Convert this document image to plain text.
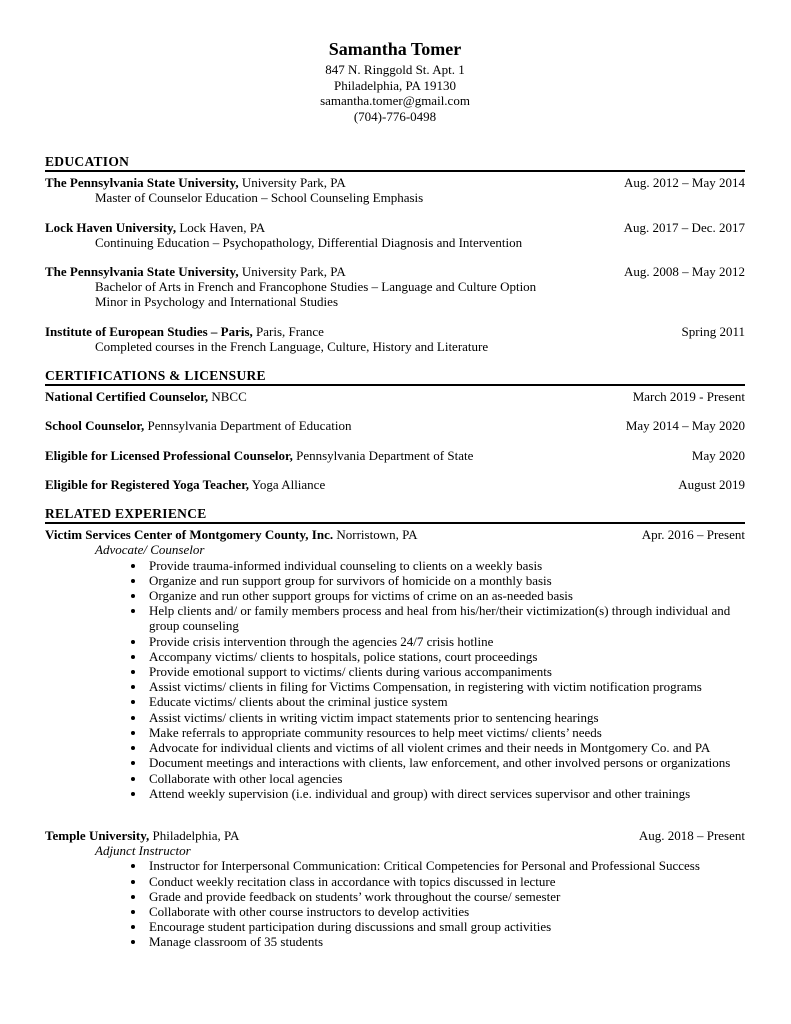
Samantha Tomer
847 N. Ringgold St. Apt. 1
Philadelphia, PA 19130
samantha.tomer@gmail.com
(704)-776-0498
EDUCATION
The Pennsylvania State University, University Park, PA	Aug. 2012 – May 2014
Master of Counselor Education – School Counseling Emphasis
Lock Haven University, Lock Haven, PA	Aug. 2017 – Dec. 2017
Continuing Education – Psychopathology, Differential Diagnosis and Intervention
The Pennsylvania State University, University Park, PA	Aug. 2008 – May 2012
Bachelor of Arts in French and Francophone Studies – Language and Culture Option
Minor in Psychology and International Studies
Institute of European Studies – Paris, Paris, France	Spring 2011
Completed courses in the French Language, Culture, History and Literature
CERTIFICATIONS & LICENSURE
National Certified Counselor, NBCC	March 2019 - Present
School Counselor, Pennsylvania Department of Education	May 2014 – May 2020
Eligible for Licensed Professional Counselor, Pennsylvania Department of State	May 2020
Eligible for Registered Yoga Teacher, Yoga Alliance	August 2019
RELATED EXPERIENCE
Victim Services Center of Montgomery County, Inc. Norristown, PA	Apr. 2016 – Present
Advocate/ Counselor
• Provide trauma-informed individual counseling to clients on a weekly basis
• Organize and run support group for survivors of homicide on a monthly basis
• Organize and run other support groups for victims of crime on an as-needed basis
• Help clients and/ or family members process and heal from his/her/their victimization(s) through individual and group counseling
• Provide crisis intervention through the agencies 24/7 crisis hotline
• Accompany victims/ clients to hospitals, police stations, court proceedings
• Provide emotional support to victims/ clients during various accompaniments
• Assist victims/ clients in filing for Victims Compensation, in registering with victim notification programs
• Educate victims/ clients about the criminal justice system
• Assist victims/ clients in writing victim impact statements prior to sentencing hearings
• Make referrals to appropriate community resources to help meet victims/ clients’ needs
• Advocate for individual clients and victims of all violent crimes and their needs in Montgomery Co. and PA
• Document meetings and interactions with clients, law enforcement, and other involved persons or organizations
• Collaborate with other local agencies
• Attend weekly supervision (i.e. individual and group) with direct services supervisor and other trainings
Temple University, Philadelphia, PA	Aug. 2018 – Present
Adjunct Instructor
• Instructor for Interpersonal Communication: Critical Competencies for Personal and Professional Success
• Conduct weekly recitation class in accordance with topics discussed in lecture
• Grade and provide feedback on students’ work throughout the course/ semester
• Collaborate with other course instructors to develop activities
• Encourage student participation during discussions and small group activities
• Manage classroom of 35 students
